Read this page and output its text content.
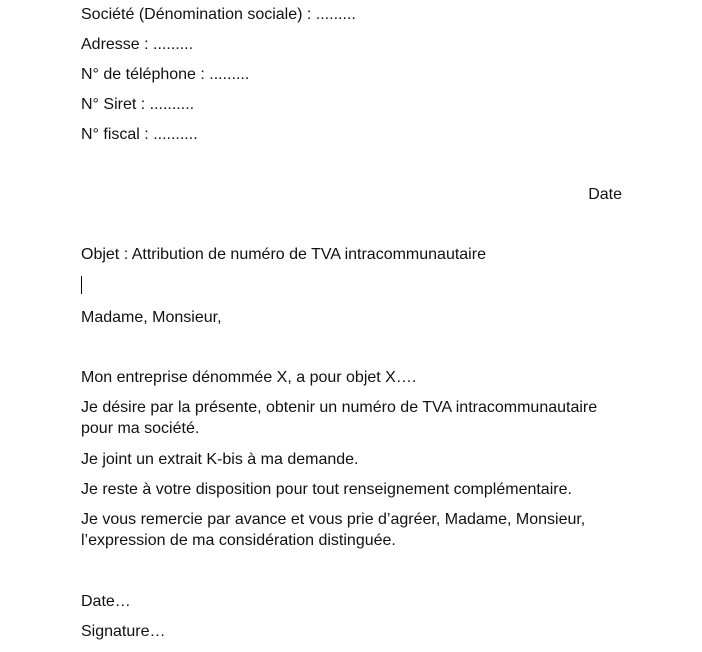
Société (Dénomination sociale) : .........
Adresse : .........
N° de téléphone : .........
N° Siret : ..........
N° fiscal : ..........
Date
Objet : Attribution de numéro de TVA intracommunautaire
Madame, Monsieur,
Mon entreprise dénommée X, a pour objet X….
Je désire par la présente, obtenir un numéro de TVA intracommunautaire
pour ma société.
Je joint un extrait K-bis à ma demande.
Je reste à votre disposition pour tout renseignement complémentaire.
Je vous remercie par avance et vous prie d’agréer, Madame, Monsieur,
l’expression de ma considération distinguée.
Date…
Signature…
